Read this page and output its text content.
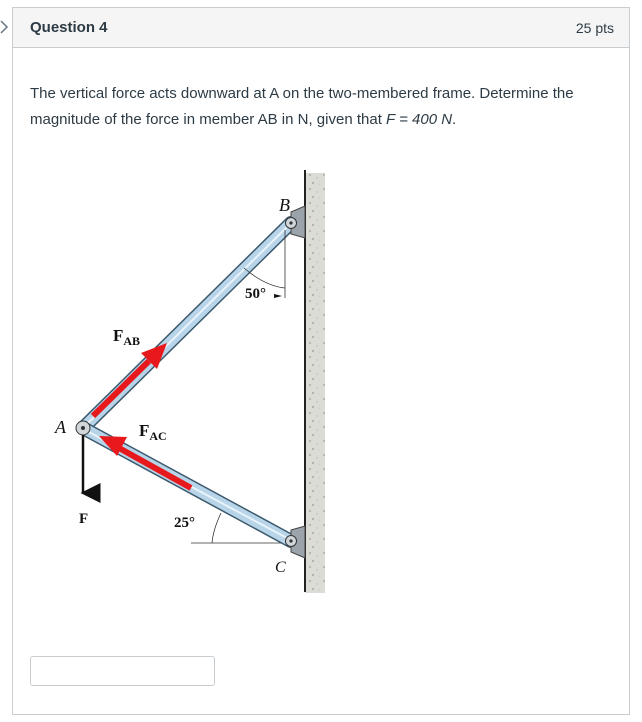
Question 4	25 pts
The vertical force acts downward at A on the two-membered frame. Determine the magnitude of the force in member AB in N, given that F = 400 N.
A
B
C
F
$F_{AB}$
$F_{AC}$
50°
25°
